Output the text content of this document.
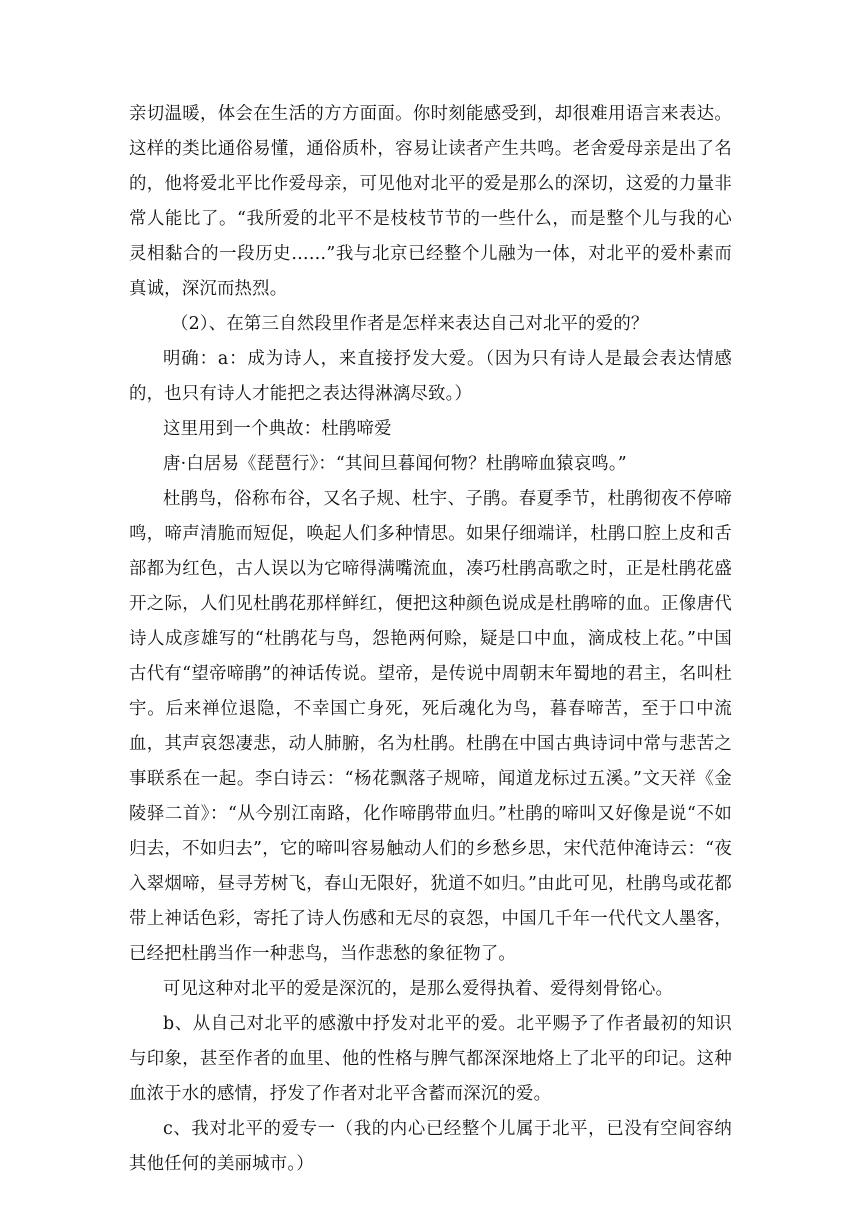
亲切温暖，体会在生活的方方面面。你时刻能感受到，却很难用语言来表达。这样的类比通俗易懂，通俗质朴，容易让读者产生共鸣。老舍爱母亲是出了名的，他将爱北平比作爱母亲，可见他对北平的爱是那么的深切，这爱的力量非常人能比了。“我所爱的北平不是枝枝节节的一些什么，而是整个儿与我的心灵相黏合的一段历史……”我与北京已经整个儿融为一体，对北平的爱朴素而真诚，深沉而热烈。

（2）、在第三自然段里作者是怎样来表达自己对北平的爱的？

明确：a：成为诗人，来直接抒发大爱。（因为只有诗人是最会表达情感的，也只有诗人才能把之表达得淋漓尽致。）

这里用到一个典故：杜鹃啼爱

唐·白居易《琵琶行》：“其间旦暮闻何物？杜鹃啼血猿哀鸣。”

杜鹃鸟，俗称布谷，又名子规、杜宇、子鹃。春夏季节，杜鹃彻夜不停啼鸣，啼声清脆而短促，唤起人们多种情思。如果仔细端详，杜鹃口腔上皮和舌部都为红色，古人误以为它啼得满嘴流血，凑巧杜鹃高歌之时，正是杜鹃花盛开之际，人们见杜鹃花那样鲜红，便把这种颜色说成是杜鹃啼的血。正像唐代诗人成彦雄写的“杜鹃花与鸟，怨艳两何赊，疑是口中血，滴成枝上花。”中国古代有“望帝啼鹃”的神话传说。望帝，是传说中周朝末年蜀地的君主，名叫杜宇。后来禅位退隐，不幸国亡身死，死后魂化为鸟，暮春啼苦，至于口中流血，其声哀怨凄悲，动人肺腑，名为杜鹃。杜鹃在中国古典诗词中常与悲苦之事联系在一起。李白诗云：“杨花飘落子规啼，闻道龙标过五溪。”文天祥《金陵驿二首》：“从今别江南路，化作啼鹃带血归。”杜鹃的啼叫又好像是说“不如归去，不如归去”，它的啼叫容易触动人们的乡愁乡思，宋代范仲淹诗云：“夜入翠烟啼，昼寻芳树飞，春山无限好，犹道不如归。”由此可见，杜鹃鸟或花都带上神话色彩，寄托了诗人伤感和无尽的哀怨，中国几千年一代代文人墨客，已经把杜鹃当作一种悲鸟，当作悲愁的象征物了。

可见这种对北平的爱是深沉的，是那么爱得执着、爱得刻骨铭心。

b、从自己对北平的感激中抒发对北平的爱。北平赐予了作者最初的知识与印象，甚至作者的血里、他的性格与脾气都深深地烙上了北平的印记。这种血浓于水的感情，抒发了作者对北平含蓄而深沉的爱。

c、我对北平的爱专一（我的内心已经整个儿属于北平，已没有空间容纳其他任何的美丽城市。）
